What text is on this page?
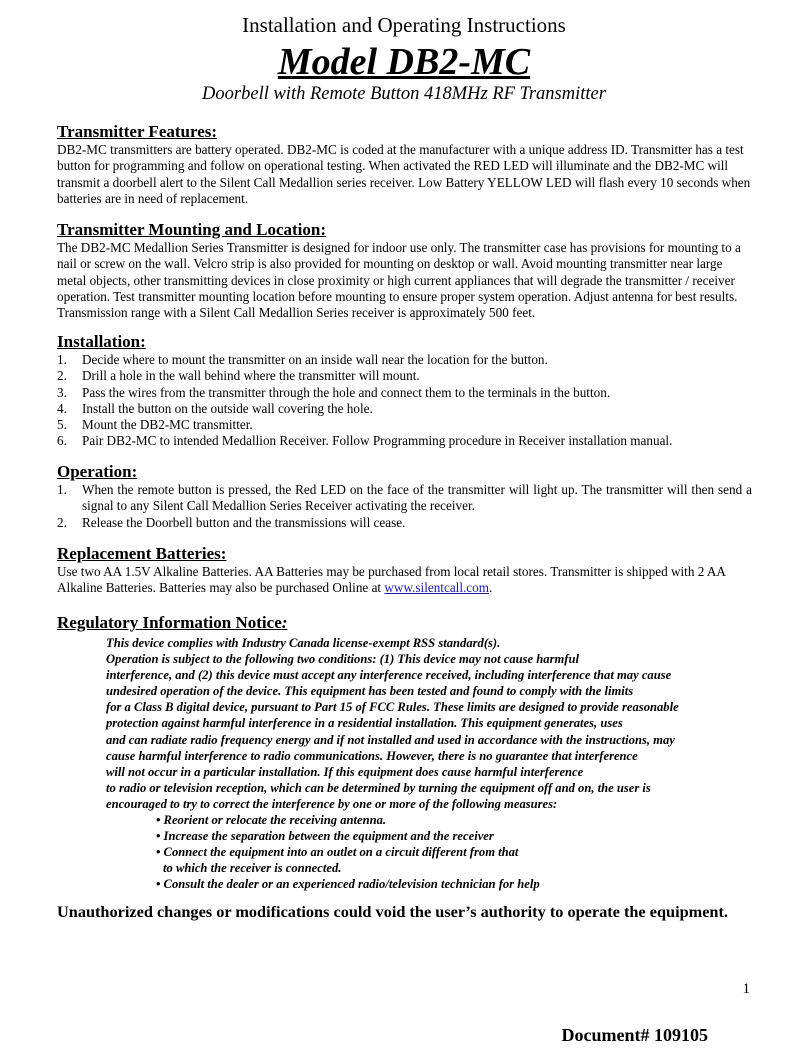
Installation and Operating Instructions
Model DB2-MC
Doorbell with Remote Button 418MHz RF Transmitter
Transmitter Features:

DB2-MC transmitters are battery operated. DB2-MC is coded at the manufacturer with a unique address ID. Transmitter has a test button for programming and follow on operational testing. When activated the RED LED will illuminate and the DB2-MC will transmit a doorbell alert to the Silent Call Medallion series receiver. Low Battery YELLOW LED will flash every 10 seconds when batteries are in need of replacement.

Transmitter Mounting and Location:

The DB2-MC Medallion Series Transmitter is designed for indoor use only. The transmitter case has provisions for mounting to a nail or screw on the wall. Velcro strip is also provided for mounting on desktop or wall. Avoid mounting transmitter near large metal objects, other transmitting devices in close proximity or high current appliances that will degrade the transmitter / receiver operation. Test transmitter mounting location before mounting to ensure proper system operation. Adjust antenna for best results. Transmission range with a Silent Call Medallion Series receiver is approximately 500 feet.

Installation:
1. Decide where to mount the transmitter on an inside wall near the location for the button.
2. Drill a hole in the wall behind where the transmitter will mount.
3. Pass the wires from the transmitter through the hole and connect them to the terminals in the button.
4. Install the button on the outside wall covering the hole.
5. Mount the DB2-MC transmitter.
6. Pair DB2-MC to intended Medallion Receiver. Follow Programming procedure in Receiver installation manual.
Operation:
1. When the remote button is pressed, the Red LED on the face of the transmitter will light up. The transmitter will then send a signal to any Silent Call Medallion Series Receiver activating the receiver.
2. Release the Doorbell button and the transmissions will cease.
Replacement Batteries:

Use two AA 1.5V Alkaline Batteries. AA Batteries may be purchased from local retail stores. Transmitter is shipped with 2 AA Alkaline Batteries. Batteries may also be purchased Online at www.silentcall.com.

Regulatory Information Notice:
This device complies with Industry Canada license-exempt RSS standard(s).
Operation is subject to the following two conditions: (1) This device may not cause harmful
interference, and (2) this device must accept any interference received, including interference that may cause
undesired operation of the device. This equipment has been tested and found to comply with the limits
for a Class B digital device, pursuant to Part 15 of FCC Rules. These limits are designed to provide reasonable
protection against harmful interference in a residential installation. This equipment generates, uses
and can radiate radio frequency energy and if not installed and used in accordance with the instructions, may
cause harmful interference to radio communications. However, there is no guarantee that interference
will not occur in a particular installation. If this equipment does cause harmful interference
to radio or television reception, which can be determined by turning the equipment off and on, the user is
encouraged to try to correct the interference by one or more of the following measures:
• Reorient or relocate the receiving antenna.
• Increase the separation between the equipment and the receiver
• Connect the equipment into an outlet on a circuit different from that
to which the receiver is connected.
• Consult the dealer or an experienced radio/television technician for help
Unauthorized changes or modifications could void the user’s authority to operate the equipment.
1
Document# 109105
